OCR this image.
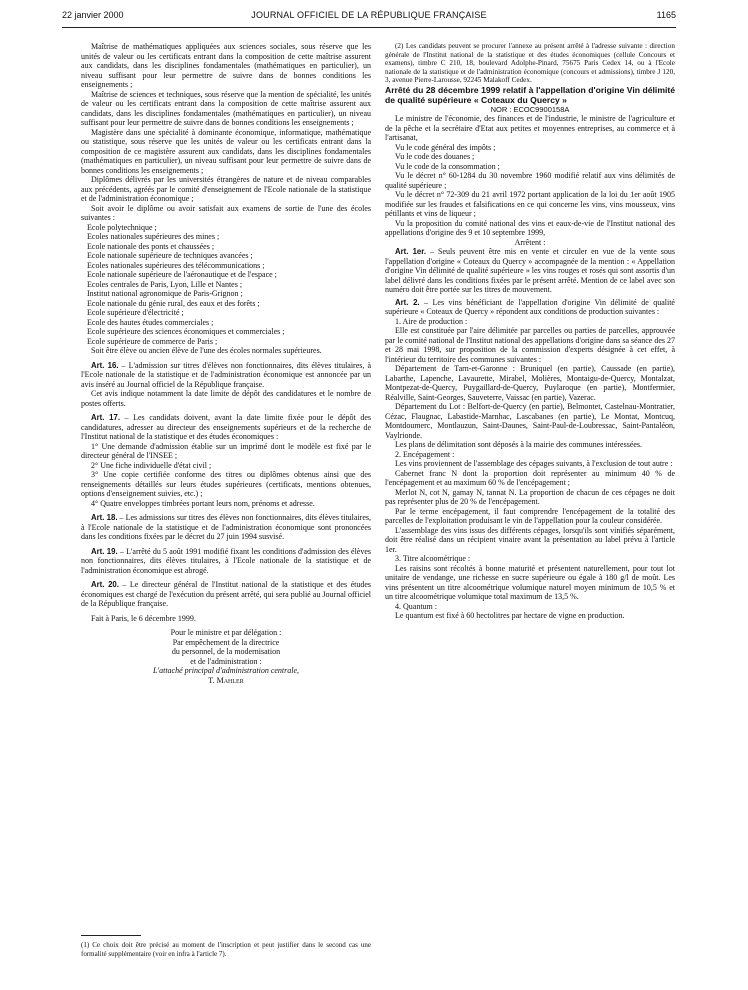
22 janvier 2000	JOURNAL OFFICIEL DE LA RÉPUBLIQUE FRANÇAISE	1165

Maîtrise de mathématiques appliquées aux sciences sociales, sous réserve que les unités de valeur ou les certificats entrant dans la composition de cette maîtrise assurent aux candidats, dans les disciplines fondamentales (mathématiques en particulier), un niveau suffisant pour leur permettre de suivre dans de bonnes conditions les enseignements ;

Maîtrise de sciences et techniques, sous réserve que la mention de spécialité, les unités de valeur ou les certificats entrant dans la composition de cette maîtrise assurent aux candidats, dans les disciplines fondamentales (mathématiques en particulier), un niveau suffisant pour leur permettre de suivre dans de bonnes conditions les enseignements ;

Magistère dans une spécialité à dominante économique, informatique, mathématique ou statistique, sous réserve que les unités de valeur ou les certificats entrant dans la composition de ce magistère assurent aux candidats, dans les disciplines fondamentales (mathématiques en particulier), un niveau suffisant pour leur permettre de suivre dans de bonnes conditions les enseignements ;

Diplômes délivrés par les universités étrangères de nature et de niveau comparables aux précédents, agréés par le comité d'enseignement de l'Ecole nationale de la statistique et de l'administration économique ;

Soit avoir le diplôme ou avoir satisfait aux examens de sortie de l'une des écoles suivantes :

Ecole polytechnique ;

Ecoles nationales supérieures des mines ;

Ecole nationale des ponts et chaussées ;

Ecole nationale supérieure de techniques avancées ;

Ecoles nationales supérieures des télécommunications ;

Ecole nationale supérieure de l'aéronautique et de l'espace ;

Ecoles centrales de Paris, Lyon, Lille et Nantes ;

Institut national agronomique de Paris-Grignon ;

Ecole nationale du génie rural, des eaux et des forêts ;

Ecole supérieure d'électricité ;

Ecole des hautes études commerciales ;

Ecole supérieure des sciences économiques et commerciales ;

Ecole supérieure de commerce de Paris ;

Soit être élève ou ancien élève de l'une des écoles normales supérieures.

Art. 16. – L'admission sur titres d'élèves non fonctionnaires, dits élèves titulaires, à l'Ecole nationale de la statistique et de l'administration économique est annoncée par un avis inséré au Journal officiel de la République française.

Cet avis indique notamment la date limite de dépôt des candidatures et le nombre de postes offerts.

Art. 17. – Les candidats doivent, avant la date limite fixée pour le dépôt des candidatures, adresser au directeur des enseignements supérieurs et de la recherche de l'Institut national de la statistique et des études économiques :

1° Une demande d'admission établie sur un imprimé dont le modèle est fixé par le directeur général de l'INSEE ;

2° Une fiche individuelle d'état civil ;

3° Une copie certifiée conforme des titres ou diplômes obtenus ainsi que des renseignements détaillés sur leurs études supérieures (certificats, mentions obtenues, options d'enseignement suivies, etc.) ;

4° Quatre enveloppes timbrées portant leurs nom, prénoms et adresse.

Art. 18. – Les admissions sur titres des élèves non fonctionnaires, dits élèves titulaires, à l'Ecole nationale de la statistique et de l'administration économique sont prononcées dans les conditions fixées par le décret du 27 juin 1994 susvisé.

Art. 19. – L'arrêté du 5 août 1991 modifié fixant les conditions d'admission des élèves non fonctionnaires, dits élèves titulaires, à l'Ecole nationale de la statistique et de l'administration économique est abrogé.

Art. 20. – Le directeur général de l'Institut national de la statistique et des études économiques est chargé de l'exécution du présent arrêté, qui sera publié au Journal officiel de la République française.

Fait à Paris, le 6 décembre 1999.

Pour le ministre et par délégation :

Par empêchement de la directrice

du personnel, de la modernisation

et de l'administration :

L'attaché principal d'administration centrale,

T. Mahler

(1) Ce choix doit être précisé au moment de l'inscription et peut justifier dans le second cas une formalité supplémentaire (voir en infra à l'article 7).

(2) Les candidats peuvent se procurer l'annexe au présent arrêté à l'adresse suivante : direction générale de l'Institut national de la statistique et des études économiques (cellule Concours et examens), timbre C 210, 18, boulevard Adolphe-Pinard, 75675 Paris Cedex 14, ou à l'Ecole nationale de la statistique et de l'administration économique (concours et admissions), timbre J 120, 3, avenue Pierre-Larousse, 92245 Malakoff Cedex.

Arrêté du 28 décembre 1999 relatif à l'appellation d'origine Vin délimité de qualité supérieure « Coteaux du Quercy »

NOR : ECOC9900158A

Le ministre de l'économie, des finances et de l'industrie, le ministre de l'agriculture et de la pêche et la secrétaire d'Etat aux petites et moyennes entreprises, au commerce et à l'artisanat,

Vu le code général des impôts ;

Vu le code des douanes ;

Vu le code de la consommation ;

Vu le décret n° 60-1284 du 30 novembre 1960 modifié relatif aux vins délimités de qualité supérieure ;

Vu le décret n° 72-309 du 21 avril 1972 portant application de la loi du 1er août 1905 modifiée sur les fraudes et falsifications en ce qui concerne les vins, vins mousseux, vins pétillants et vins de liqueur ;

Vu la proposition du comité national des vins et eaux-de-vie de l'Institut national des appellations d'origine des 9 et 10 septembre 1999,

Arrêtent :

Art. 1er. – Seuls peuvent être mis en vente et circuler en vue de la vente sous l'appellation d'origine « Coteaux du Quercy » accompagnée de la mention : « Appellation d'origine Vin délimité de qualité supérieure » les vins rouges et rosés qui sont assortis d'un label délivré dans les conditions fixées par le présent arrêté. Mention de ce label avec son numéro doit être portée sur les titres de mouvement.

Art. 2. – Les vins bénéficiant de l'appellation d'origine Vin délimité de qualité supérieure « Coteaux de Quercy » répondent aux conditions de production suivantes :

1. Aire de production :

Elle est constituée par l'aire délimitée par parcelles ou parties de parcelles, approuvée par le comité national de l'Institut national des appellations d'origine dans sa séance des 27 et 28 mai 1998, sur proposition de la commission d'experts désignée à cet effet, à l'intérieur du territoire des communes suivantes :

Département de Tarn-et-Garonne : Bruniquel (en partie), Caussade (en partie), Labarthe, Lapenche, Lavaurette, Mirabel, Molières, Montaigu-de-Quercy, Montalzat, Montpezat-de-Quercy, Puygaillard-de-Quercy, Puylaroque (en partie), Montfermier, Réalville, Saint-Georges, Sauveterre, Vaissac (en partie), Vazerac.

Département du Lot : Belfort-de-Quercy (en partie), Belmontet, Castelnau-Montratier, Cézac, Flaugnac, Labastide-Marnhac, Lascabanes (en partie), Le Montat, Montcuq, Montdoumerc, Montlauzun, Saint-Daunes, Saint-Paul-de-Loubressac, Saint-Pantaléon, Vaylrionde.

Les plans de délimitation sont déposés à la mairie des communes intéressées.

2. Encépagement :

Les vins proviennent de l'assemblage des cépages suivants, à l'exclusion de tout autre :

Cabernet franc N dont la proportion doit représenter au minimum 40 % de l'encépagement et au maximum 60 % de l'encépagement ;

Merlot N, cot N, gamay N, tannat N. La proportion de chacun de ces cépages ne doit pas représenter plus de 20 % de l'encépagement.

Par le terme encépagement, il faut comprendre l'encépagement de la totalité des parcelles de l'exploitation produisant le vin de l'appellation pour la couleur considérée.

L'assemblage des vins issus des différents cépages, lorsqu'ils sont vinifiés séparément, doit être réalisé dans un récipient vinaire avant la présentation au label prévu à l'article 1er.

3. Titre alcoométrique :

Les raisins sont récoltés à bonne maturité et présentent naturellement, pour tout lot unitaire de vendange, une richesse en sucre supérieure ou égale à 180 g/l de moût. Les vins présentent un titre alcoométrique volumique naturel moyen minimum de 10,5 % et un titre alcoométrique volumique total maximum de 13,5 %.

4. Quantum :

Le quantum est fixé à 60 hectolitres par hectare de vigne en production.
